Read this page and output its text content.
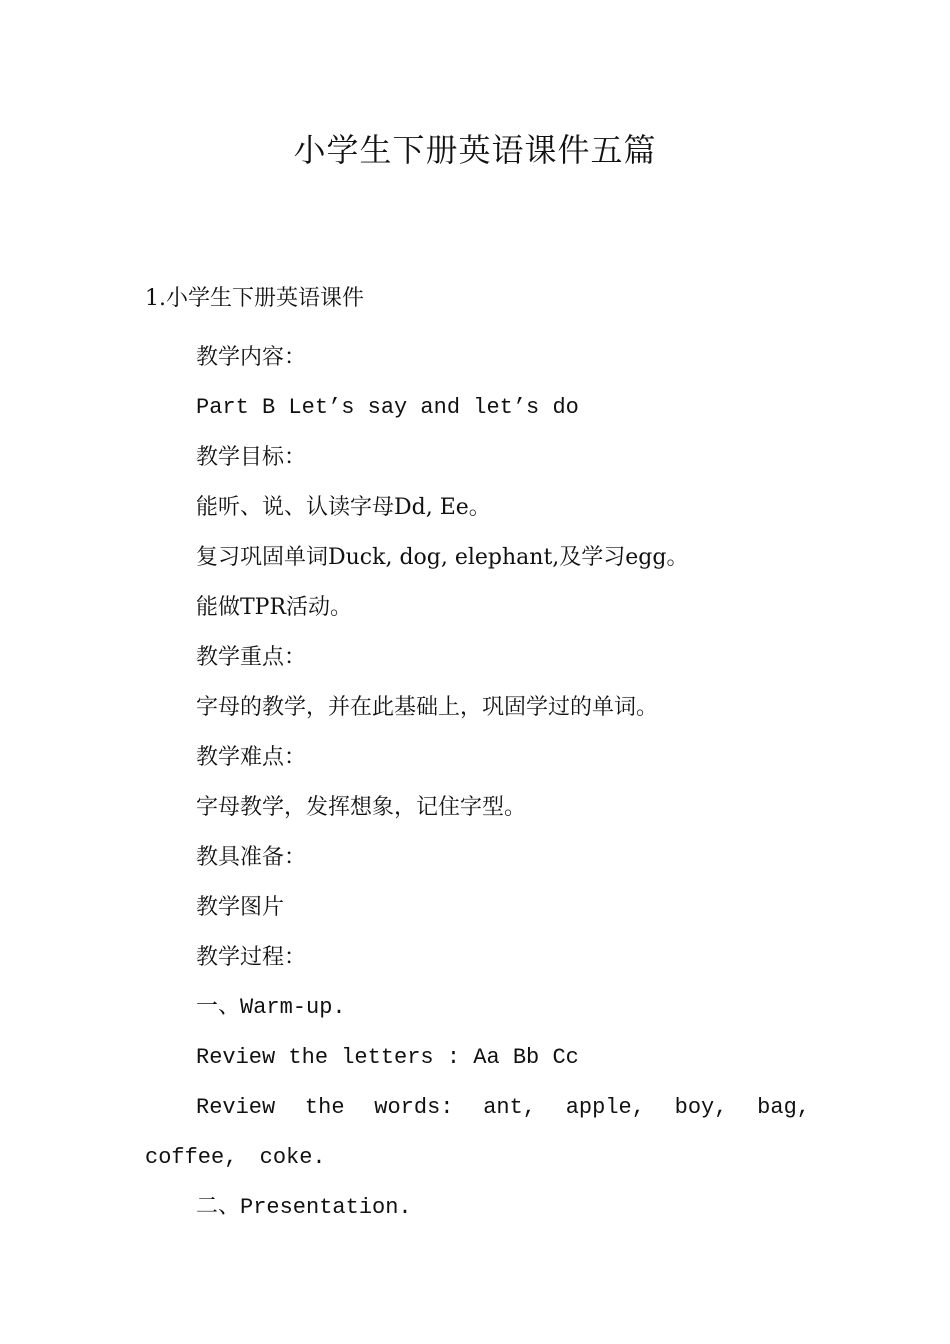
小学生下册英语课件五篇
1.小学生下册英语课件
教学内容：
Part B Let’s say and let’s do
教学目标：
能听、说、认读字母Dd, Ee。
复习巩固单词Duck, dog, elephant,及学习egg。
能做TPR活动。
教学重点：
字母的教学，并在此基础上，巩固学过的单词。
教学难点：
字母教学，发挥想象，记住字型。
教具准备：
教学图片
教学过程：
一、Warm-up.
Review the letters : Aa Bb Cc
Review the words: ant, apple, boy, bag, coffee, coke.
二、Presentation.
